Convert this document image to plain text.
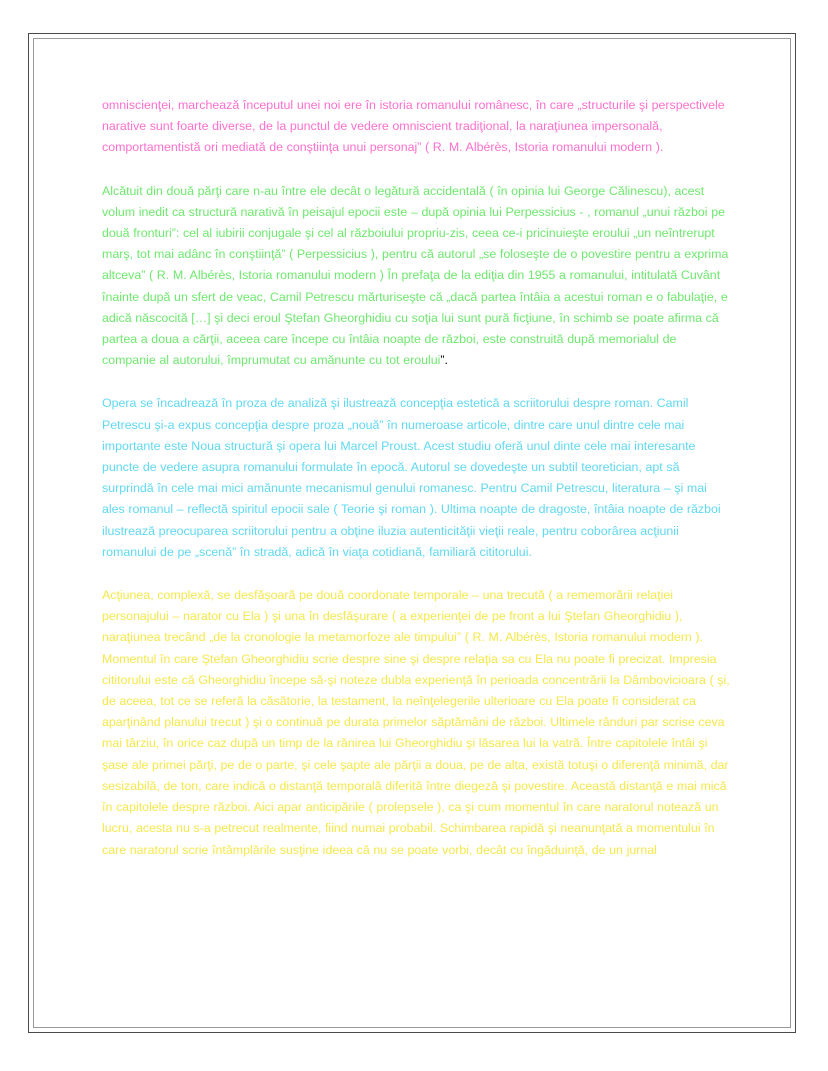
omniscienţei, marchează începutul unei noi ere în istoria romanului românesc, în care „structurile şi perspectivele narative sunt foarte diverse, de la punctul de vedere omniscient tradiţional, la naraţiunea impersonală, comportamentistă ori mediată de conştiinţa unui personaj” ( R. M. Albérès, Istoria romanului modern ).

Alcătuit din două părţi care n-au între ele decât o legătură accidentală ( în opinia lui George Călinescu), acest volum inedit ca structură narativă în peisajul epocii este – după opinia lui Perpessicius - , romanul „unui război pe două fronturi”: cel al iubirii conjugale şi cel al războiului propriu-zis, ceea ce-i pricinuieşte eroului „un neîntrerupt marş, tot mai adânc în conştiinţă” ( Perpessicius ), pentru că autorul „se foloseşte de o povestire pentru a exprima altceva” ( R. M. Albérès, Istoria romanului modern ) În prefaţa de la ediţia din 1955 a romanului, intitulată Cuvânt înainte după un sfert de veac, Camil Petrescu mărturiseşte că „dacă partea întâia a acestui roman e o fabulaţie, e adică născocită […] şi deci eroul Ştefan Gheorghidiu cu soţia lui sunt pură ficţiune, în schimb se poate afirma că partea a doua a cărţii, aceea care începe cu întâia noapte de război, este construită după memorialul de companie al autorului, împrumutat cu amănunte cu tot eroului”.

Opera se încadrează în proza de analiză şi ilustrează concepţia estetică a scriitorului despre roman. Camil Petrescu şi-a expus concepţia despre proza „nouă” în numeroase articole, dintre care unul dintre cele mai importante este Noua structură şi opera lui Marcel Proust. Acest studiu oferă unul dinte cele mai interesante puncte de vedere asupra romanului formulate în epocă. Autorul se dovedeşte un subtil teoretician, apt să surprindă în cele mai mici amănunte mecanismul genului romanesc. Pentru Camil Petrescu, literatura – şi mai ales romanul – reflectă spiritul epocii sale ( Teorie şi roman ). Ultima noapte de dragoste, întâia noapte de război ilustrează preocuparea scriitorului pentru a obţine iluzia autenticităţii vieţii reale, pentru coborârea acţiunii romanului de pe „scenă” în stradă, adică în viaţa cotidiană, familiară cititorului.

Acţiunea, complexă, se desfăşoară pe două coordonate temporale – una trecută ( a rememorării relaţiei personajului – narator cu Ela ) şi una în desfăşurare ( a experienţei de pe front a lui Ştefan Gheorghidiu ), naraţiunea trecând „de la cronologie la metamorfoze ale timpului” ( R. M. Albérès, Istoria romanului modern ). Momentul în care Ştefan Gheorghidiu scrie despre sine şi despre relaţia sa cu Ela nu poate fi precizat. Impresia cititorului este că Gheorghidiu începe să-şi noteze dubla experienţă în perioada concentrării la Dâmbovicioara ( şi, de aceea, tot ce se referă la căsătorie, la testament, la neînţelegerile ulterioare cu Ela poate fi considerat ca aparţinând planului trecut ) şi o continuă pe durata primelor săptămâni de război. Ultimele rânduri par scrise ceva mai târziu, în orice caz după un timp de la rănirea lui Gheorghidiu şi lăsarea lui la vatră. Între capitolele întâi şi şase ale primei părţi, pe de o parte, şi cele şapte ale părţii a doua, pe de alta, există totuşi o diferenţă minimă, dar sesizabilă, de ton, care indică o distanţă temporală diferită între diegeză şi povestire. Această distanţă e mai mică în capitolele despre război. Aici apar anticipările ( prolepsele ), ca şi cum momentul în care naratorul notează un lucru, acesta nu s-a petrecut realmente, fiind numai probabil. Schimbarea rapidă şi neanunţată a momentului în care naratorul scrie întâmplările susţine ideea că nu se poate vorbi, decât cu îngăduinţă, de un jurnal
